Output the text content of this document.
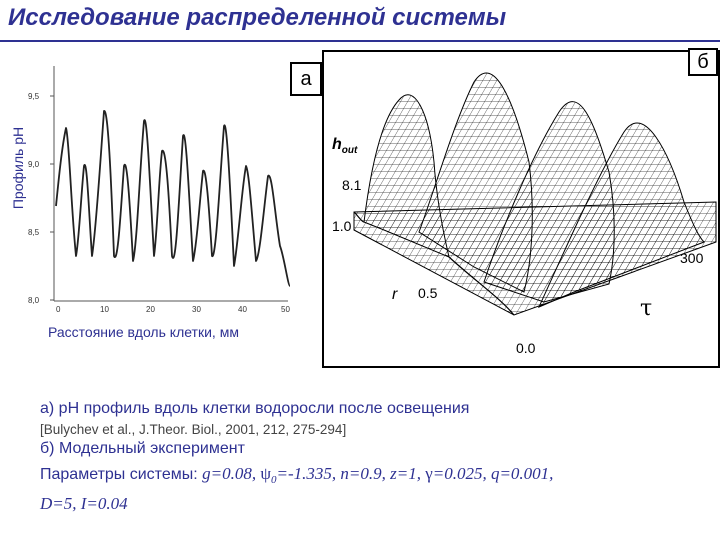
Исследование распределенной системы
Профиль рН
9,5
9,0
8,5
8,0
0	10	20	30	40	50
Расстояние вдоль клетки, мм
а
б
$h_{out}$
8.1
1.0
300
r 0.5
τ
0.0
а) рН профиль вдоль клетки водоросли после освещения
[Bulychev et al., J.Theor. Biol., 2001, 212, 275-294]
б) Модельный эксперимент
Параметры системы: g=0.08, $\psi_0=-1.335$, n=0.9, z=1, γ=0.025, q=0.001,
D=5, I=0.04
